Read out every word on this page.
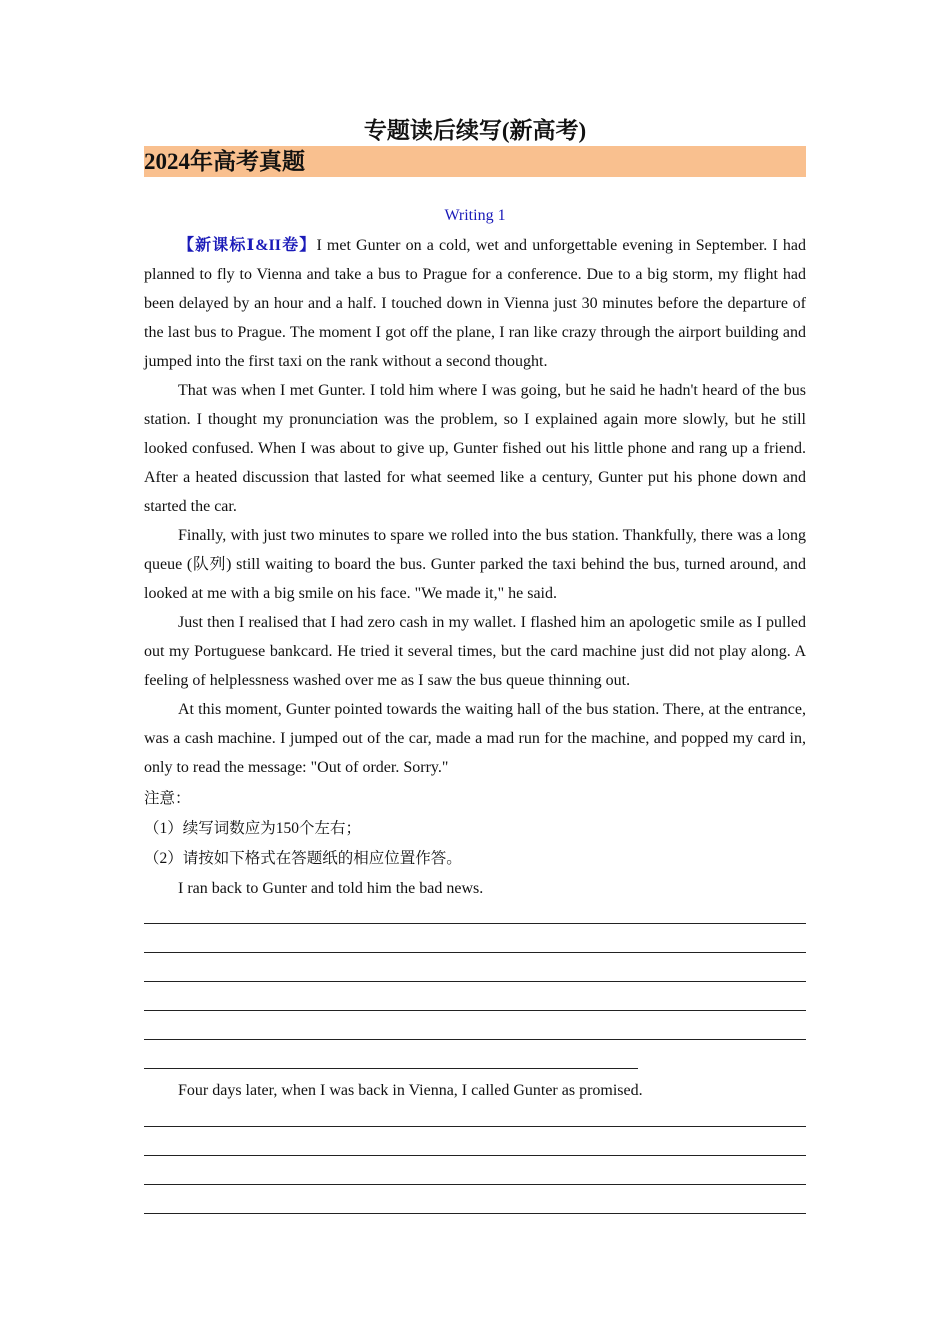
专题读后续写(新高考)
2024年高考真题
Writing 1

【新课标Ⅰ&II卷】I met Gunter on a cold, wet and unforgettable evening in September. I had planned to fly to Vienna and take a bus to Prague for a conference. Due to a big storm, my flight had been delayed by an hour and a half. I touched down in Vienna just 30 minutes before the departure of the last bus to Prague. The moment I got off the plane, I ran like crazy through the airport building and jumped into the first taxi on the rank without a second thought.

That was when I met Gunter. I told him where I was going, but he said he hadn't heard of the bus station. I thought my pronunciation was the problem, so I explained again more slowly, but he still looked confused. When I was about to give up, Gunter fished out his little phone and rang up a friend. After a heated discussion that lasted for what seemed like a century, Gunter put his phone down and started the car.

Finally, with just two minutes to spare we rolled into the bus station. Thankfully, there was a long queue (队列) still waiting to board the bus. Gunter parked the taxi behind the bus, turned around, and looked at me with a big smile on his face. "We made it," he said.

Just then I realised that I had zero cash in my wallet. I flashed him an apologetic smile as I pulled out my Portuguese bankcard. He tried it several times, but the card machine just did not play along. A feeling of helplessness washed over me as I saw the bus queue thinning out.

At this moment, Gunter pointed towards the waiting hall of the bus station. There, at the entrance, was a cash machine. I jumped out of the car, made a mad run for the machine, and popped my card in, only to read the message: "Out of order. Sorry."

注意：
（1）续写词数应为150个左右；
（2）请按如下格式在答题纸的相应位置作答。
I ran back to Gunter and told him the bad news.
Four days later, when I was back in Vienna, I called Gunter as promised.
